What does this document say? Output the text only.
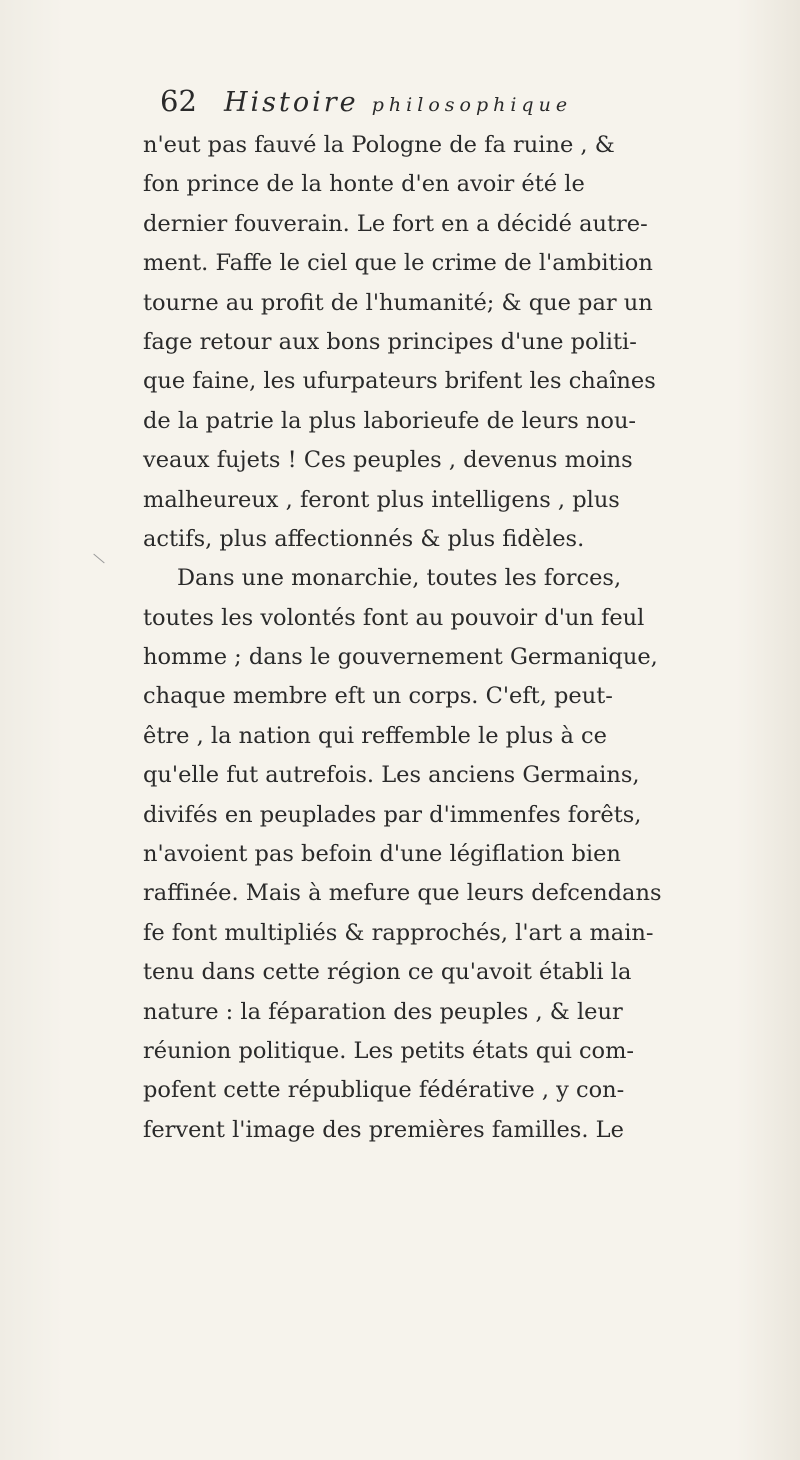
62 Histoire philosophique
n'eut pas fauvé la Pologne de fa ruine , &
fon prince de la honte d'en avoir été le
dernier fouverain. Le fort en a décidé autre-
ment. Faffe le ciel que le crime de l'ambition
tourne au profit de l'humanité; & que par un
fage retour aux bons principes d'une politi-
que faine, les ufurpateurs brifent les chaînes
de la patrie la plus laborieufe de leurs nou-
veaux fujets ! Ces peuples , devenus moins
malheureux , feront plus intelligens , plus
actifs, plus affectionnés & plus fidèles.
Dans une monarchie, toutes les forces,
toutes les volontés font au pouvoir d'un feul
homme ; dans le gouvernement Germanique,
chaque membre eft un corps. C'eft, peut-
être , la nation qui reffemble le plus à ce
qu'elle fut autrefois. Les anciens Germains,
divifés en peuplades par d'immenfes forêts,
n'avoient pas befoin d'une légiflation bien
raffinée. Mais à mefure que leurs defcendans
fe font multipliés & rapprochés, l'art a main-
tenu dans cette région ce qu'avoit établi la
nature : la féparation des peuples , & leur
réunion politique. Les petits états qui com-
pofent cette république fédérative , y con-
fervent l'image des premières familles. Le
